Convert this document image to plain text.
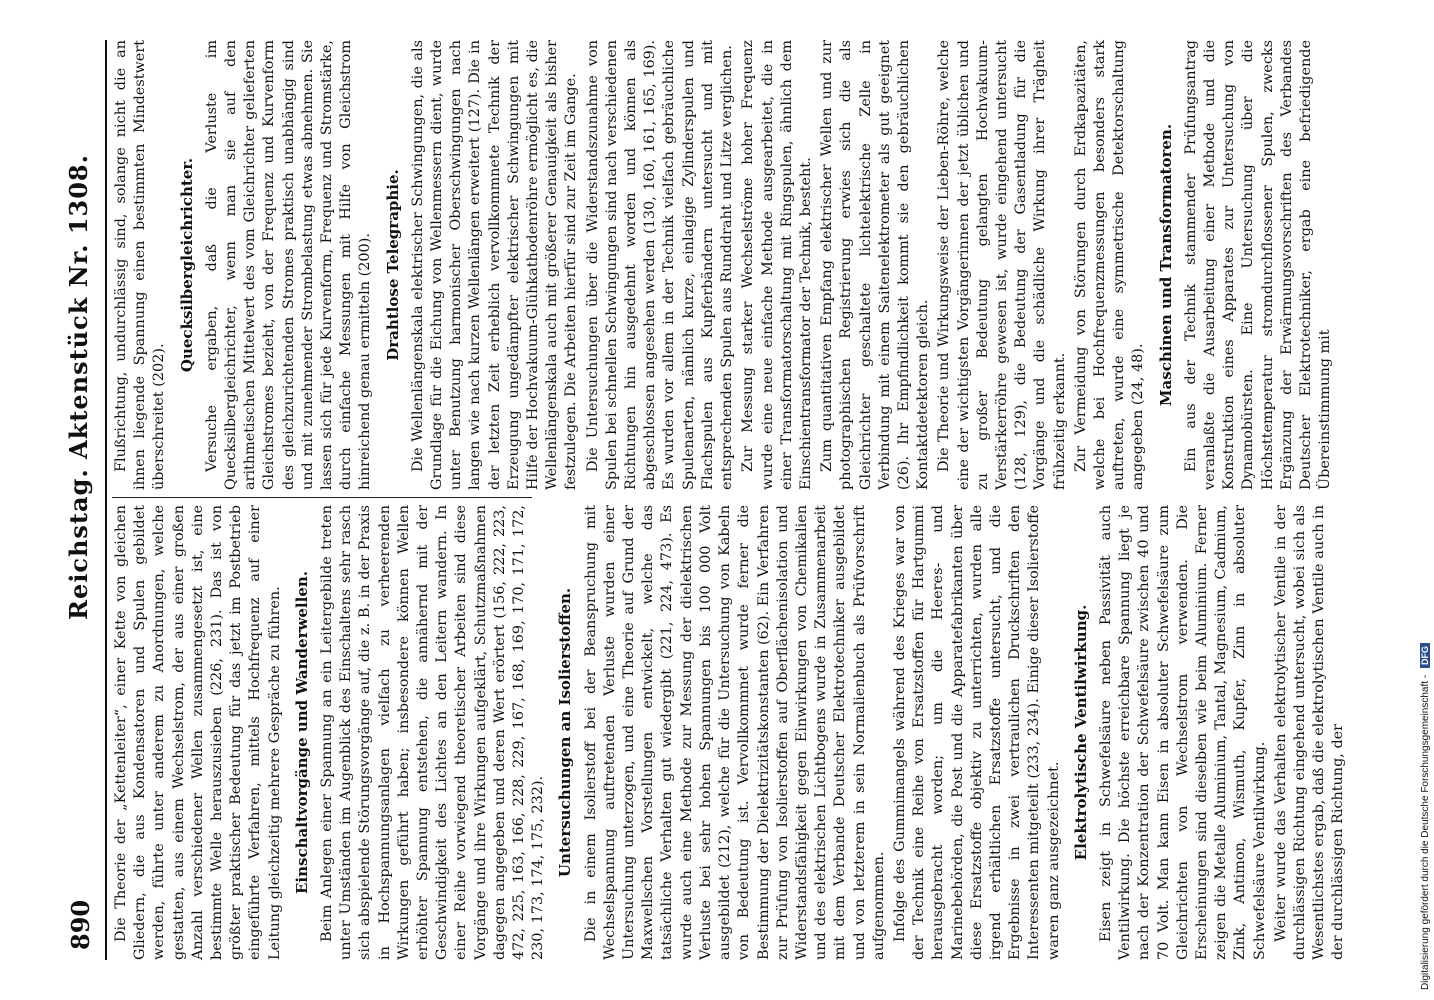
890
Reichstag. Aktenstück Nr. 1308.

Die Theorie der „Kettenleiter“, einer Kette von gleichen Gliedern, die aus Kondensatoren und Spulen gebildet werden, führte unter anderem zu Anordnungen, welche gestatten, aus einem Wechselstrom, der aus einer großen Anzahl verschiedener Wellen zusammengesetzt ist, eine bestimmte Welle herauszusieben (226, 231). Das ist von größter praktischer Bedeutung für das jetzt im Postbetrieb eingeführte Verfahren, mittels Hochfrequenz auf einer Leitung gleichzeitig mehrere Gespräche zu führen. Einschaltvorgänge und Wanderwellen. Beim Anlegen einer Spannung an ein Leitergebilde treten unter Umständen im Augenblick des Einschaltens sehr rasch sich abspielende Störungsvorgänge auf, die z. B. in der Praxis in Hochspannungsanlagen vielfach zu verheerenden Wirkungen geführt haben; insbesondere können Wellen erhöhter Spannung entstehen, die annähernd mit der Geschwindigkeit des Lichtes an den Leitern wandern. In einer Reihe vorwiegend theoretischer Arbeiten sind diese Vorgänge und ihre Wirkungen aufgeklärt, Schutzmaßnahmen dagegen angegeben und deren Wert erörtert (156, 222, 223, 472, 225, 163, 166, 228, 229, 167, 168, 169, 170, 171, 172, 230, 173, 174, 175, 232). Untersuchungen an Isolierstoffen. Die in einem Isolierstoff bei der Beanspruchung mit Wechselspannung auftretenden Verluste wurden einer Untersuchung unterzogen, und eine Theorie auf Grund der Maxwellschen Vorstellungen entwickelt, welche das tatsächliche Verhalten gut wiedergibt (221, 224, 473). Es wurde auch eine Methode zur Messung der dielektrischen Verluste bei sehr hohen Spannungen bis 100 000 Volt ausgebildet (212), welche für die Untersuchung von Kabeln von Bedeutung ist. Vervollkommnet wurde ferner die Bestimmung der Dielektrizitätskonstanten (62). Ein Verfahren zur Prüfung von Isolierstoffen auf Oberflächenisolation und Widerstandsfähigkeit gegen Einwirkungen von Chemikalien und des elektrischen Lichtbogens wurde in Zusammenarbeit mit dem Verbande Deutscher Elektrotechniker ausgebildet und von letzterem in sein Normalienbuch als Prüfvorschrift aufgenommen. Infolge des Gummimangels während des Krieges war von der Technik eine Reihe von Ersatzstoffen für Hartgummi herausgebracht worden; um die Heeres- und Marinebehörden, die Post und die Apparatefabrikanten über diese Ersatzstoffe objektiv zu unterrichten, wurden alle irgend erhältlichen Ersatzstoffe untersucht, und die Ergebnisse in zwei vertraulichen Druckschriften den Interessenten mitgeteilt (233, 234). Einige dieser Isolierstoffe waren ganz ausgezeichnet.

Elektrolytische Ventilwirkung. Eisen zeigt in Schwefelsäure neben Passivität auch Ventilwirkung. Die höchste erreichbare Spannung liegt je nach der Konzentration der Schwefelsäure zwischen 40 und 70 Volt. Man kann Eisen in absoluter Schwefelsäure zum Gleichrichten von Wechselstrom verwenden. Die Erscheinungen sind dieselben wie beim Aluminium. Ferner zeigen die Metalle Aluminium, Tantal, Magnesium, Cadmium, Zink, Antimon, Wismuth, Kupfer, Zinn in absoluter Schwefelsäure Ventilwirkung. Weiter wurde das Verhalten elektrolytischer Ventile in der durchlässigen Richtung eingehend untersucht, wobei sich als Wesentlichstes ergab, daß die elektrolytischen Ventile auch in der durchlässigen Richtung, der

Flußrichtung, undurchlässig sind, solange nicht die an ihnen liegende Spannung einen bestimmten Mindestwert überschreitet (202).

Quecksilbergleichrichter. Versuche ergaben, daß die Verluste im Quecksilbergleichrichter, wenn man sie auf den arithmetischen Mittelwert des vom Gleichrichter gelieferten Gleichstromes bezieht, von der Frequenz und Kurvenform des gleichzurichtenden Stromes praktisch unabhängig sind und mit zunehmender Strombelastung etwas abnehmen. Sie lassen sich für jede Kurvenform, Frequenz und Stromstärke, durch einfache Messungen mit Hilfe von Gleichstrom hinreichend genau ermitteln (200). Drahtlose Telegraphie. Die Wellenlängenskala elektrischer Schwingungen, die als Grundlage für die Eichung von Wellenmessern dient, wurde unter Benutzung harmonischer Oberschwingungen nach langen wie nach kurzen Wellenlängen erweitert (127). Die in der letzten Zeit erheblich vervollkommnete Technik der Erzeugung ungedämpfter elektrischer Schwingungen mit Hilfe der Hochvakuum-Glühkathodenröhre ermöglicht es, die Wellenlängenskala auch mit größerer Genauigkeit als bisher festzulegen. Die Arbeiten hierfür sind zur Zeit im Gange. Die Untersuchungen über die Widerstandszunahme von Spulen bei schnellen Schwingungen sind nach verschiedenen Richtungen hin ausgedehnt worden und können als abgeschlossen angesehen werden (130, 160, 161, 165, 169). Es wurden vor allem in der Technik vielfach gebräuchliche Spulenarten, nämlich kurze, einlagige Zylinderspulen und Flachspulen aus Kupferbändern untersucht und mit entsprechenden Spulen aus Runddraht und Litze verglichen. Zur Messung starker Wechselströme hoher Frequenz wurde eine neue einfache Methode ausgearbeitet, die in einer Transformatorschaltung mit Ringspulen, ähnlich dem Einschientransformator der Technik, besteht. Zum quantitativen Empfang elektrischer Wellen und zur photographischen Registrierung erwies sich die als Gleichrichter geschaltete lichtelektrische Zelle in Verbindung mit einem Saitenelektrometer als gut geeignet (26). Ihr Empfindlichkeit kommt sie den gebräuchlichen Kontaktdetektoren gleich. Die Theorie und Wirkungsweise der Lieben-Röhre, welche eine der wichtigsten Vorgängerinnen der jetzt üblichen und zu großer Bedeutung gelangten Hochvakuum-Verstärkerröhre gewesen ist, wurde eingehend untersucht (128, 129), die Bedeutung der Gasentladung für die Vorgänge und die schädliche Wirkung ihrer Trägheit frühzeitig erkannt. Zur Vermeidung von Störungen durch Erdkapazitäten, welche bei Hochfrequenzmessungen besonders stark auftreten, wurde eine symmetrische Detektorschaltung angegeben (24, 48).

Maschinen und Transformatoren. Ein aus der Technik stammender Prüfungsantrag veranlaßte die Ausarbeitung einer Methode und die Konstruktion eines Apparates zur Untersuchung von Dynamobürsten. Eine Untersuchung über die Höchsttemperatur stromdurchflossener Spulen, zwecks Ergänzung der Erwärmungsvorschriften des Verbandes Deutscher Elektrotechniker, ergab eine befriedigende Übereinstimmung mit

Digitalisierung gefördert durch die Deutsche Forschungsgemeinschaft - DFG
